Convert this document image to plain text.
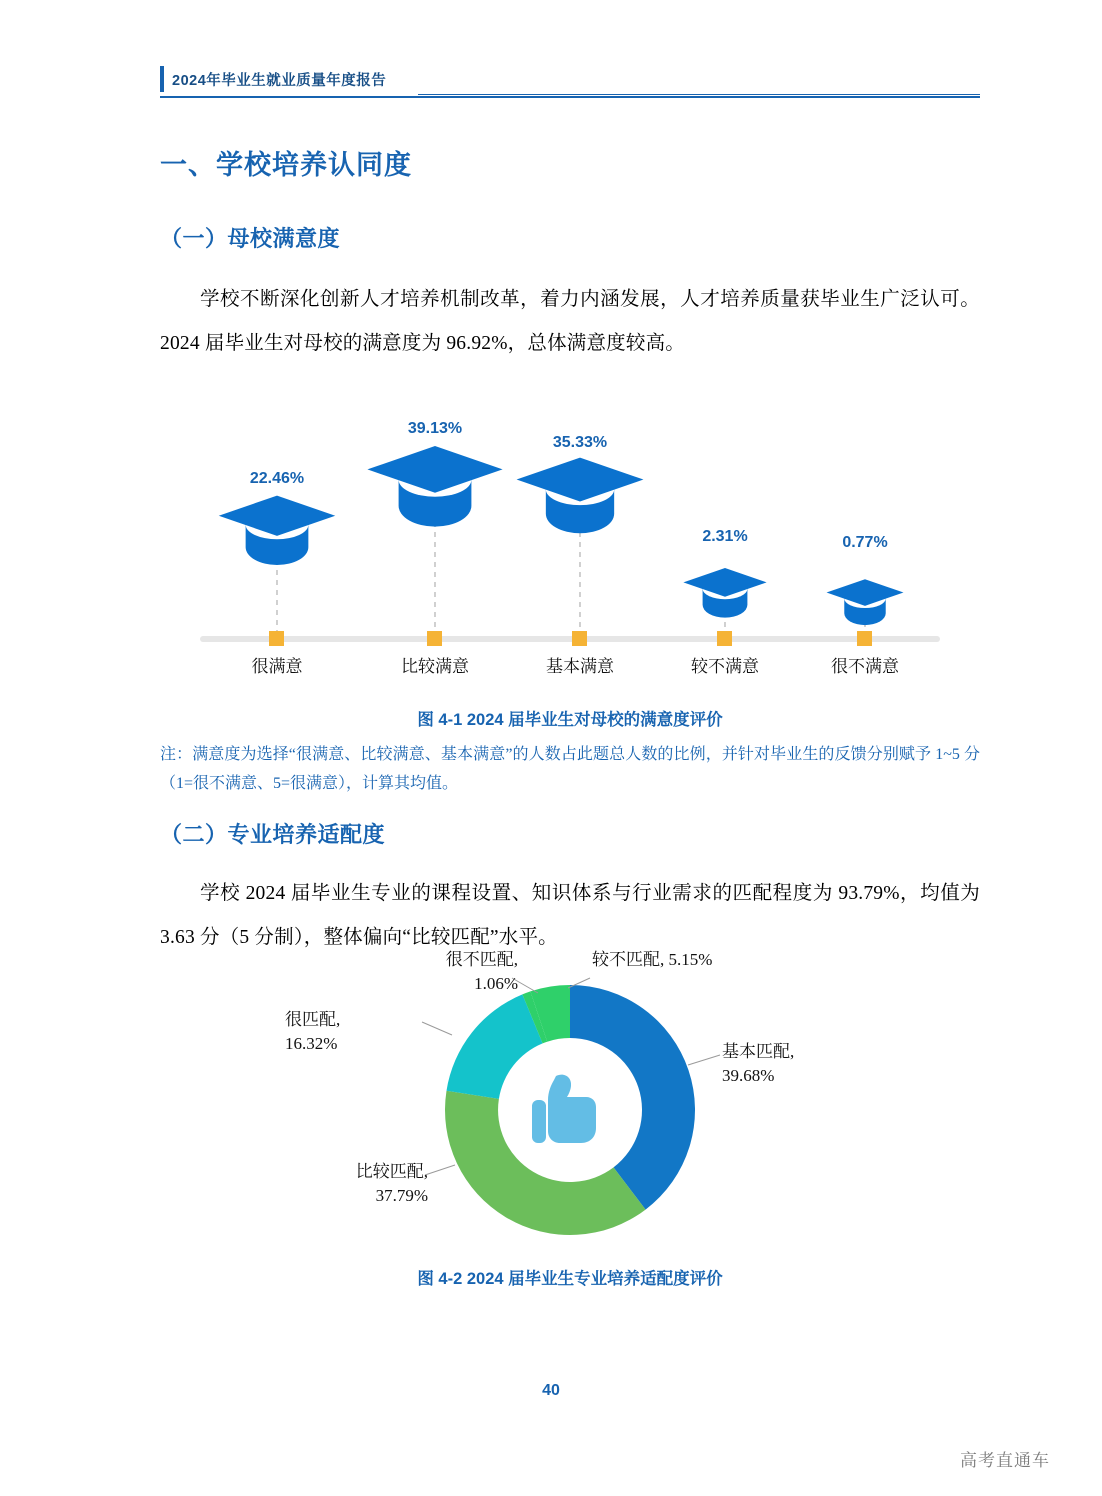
2024年毕业生就业质量年度报告
一、学校培养认同度
（一）母校满意度
（二）专业培养适配度
学校不断深化创新人才培养机制改革，着力内涵发展，人才培养质量获毕业生广泛认可。2024 届毕业生对母校的满意度为 96.92%，总体满意度较高。
22.46%
39.13%
35.33%
2.31%	0.77%
很满意	比较满意	基本满意	较不满意	很不满意
图 4-1 2024 届毕业生对母校的满意度评价
注：满意度为选择“很满意、比较满意、基本满意”的人数占此题总人数的比例，并针对毕业生的反馈分别赋予 1~5 分（1=很不满意、5=很满意），计算其均值。
学校 2024 届毕业生专业的课程设置、知识体系与行业需求的匹配程度为 93.79%，均值为 3.63 分（5 分制），整体偏向“比较匹配”水平。
基本匹配,
39.68%
比较匹配,
37.79%
很匹配,
16.32%
很不匹配,
1.06%
较不匹配, 5.15%
图 4-2 2024 届毕业生专业培养适配度评价
40
高考直通车
